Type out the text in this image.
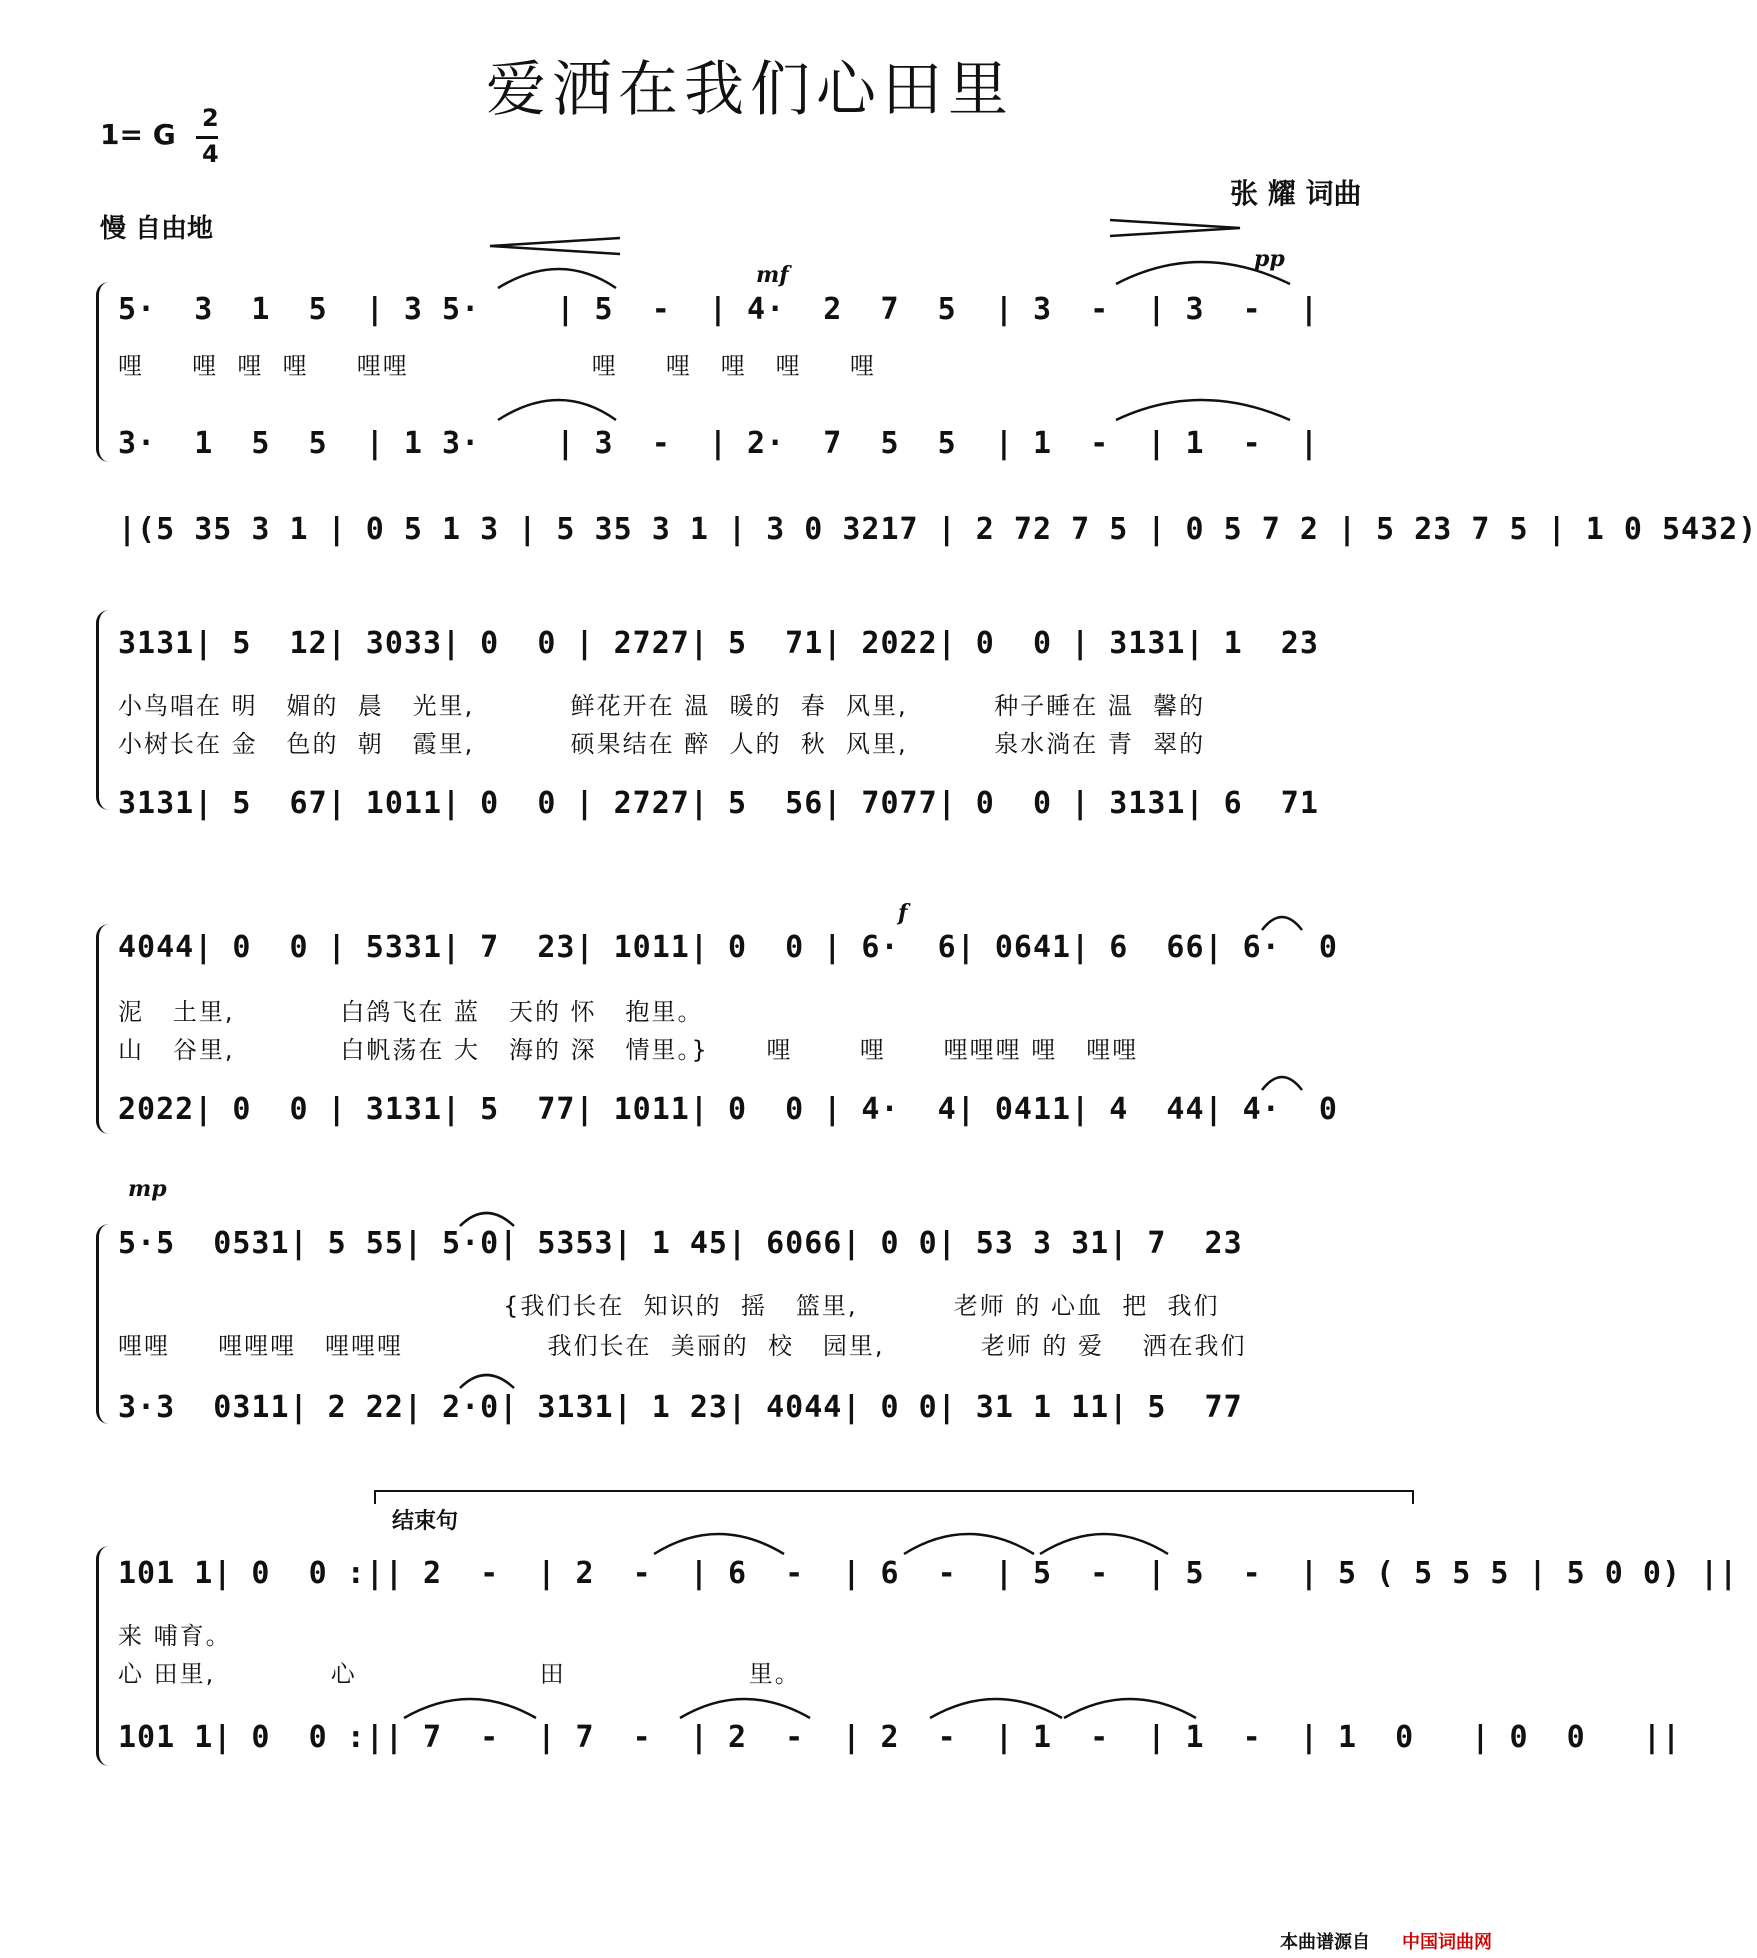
爱洒在我们心田里
1= G 2
4
慢 自由地
张 耀 词曲
mf
pp
f
mp
5·  3  1  5  | 3 5·    | 5  -  | 4·  2  7  5  | 3  -  | 3  -  |
哩     哩  哩  哩     哩哩                   哩     哩   哩   哩     哩
3·  1  5  5  | 1 3·    | 3  -  | 2·  7  5  5  | 1  -  | 1  -  |
|(5 35 3 1 | 0 5 1 3 | 5 35 3 1 | 3 0 3217 | 2 72 7 5 | 0 5 7 2 | 5 23 7 5 | 1 0 5432)
3131| 5  12| 3033| 0  0 | 2727| 5  71| 2022| 0  0 | 3131| 1  23
小鸟唱在 明   媚的  晨   光里,          鲜花开在 温  暖的  春  风里,         种子睡在 温  馨的
小树长在 金   色的  朝   霞里,          硕果结在 醉  人的  秋  风里,         泉水淌在 青  翠的
3131| 5  67| 1011| 0  0 | 2727| 5  56| 7077| 0  0 | 3131| 6  71
4044| 0  0 | 5331| 7  23| 1011| 0  0 | 6·  6| 0641| 6  66| 6·  0
泥   土里,           白鸽飞在 蓝   天的 怀   抱里。
山   谷里,           白帆荡在 大   海的 深   情里。}      哩       哩      哩哩哩 哩   哩哩
2022| 0  0 | 3131| 5  77| 1011| 0  0 | 4·  4| 0411| 4  44| 4·  0
5·5  0531| 5 55| 5·0| 5353| 1 45| 6066| 0 0| 53 3 31| 7  23
{我们长在  知识的  摇   篮里,          老师 的 心血  把  我们
哩哩     哩哩哩   哩哩哩               我们长在  美丽的  校   园里,          老师 的 爱    洒在我们
3·3  0311| 2 22| 2·0| 3131| 1 23| 4044| 0 0| 31 1 11| 5  77
结束句
101 1| 0  0 :|| 2  -  | 2  -  | 6  -  | 6  -  | 5  -  | 5  -  | 5 ( 5 5 5 | 5 0 0) ||
来 哺育。
心 田里,            心                   田                   里。
101 1| 0  0 :|| 7  -  | 7  -  | 2  -  | 2  -  | 1  -  | 1  -  | 1  0   | 0  0   ||
本曲谱源自 中国词曲网
